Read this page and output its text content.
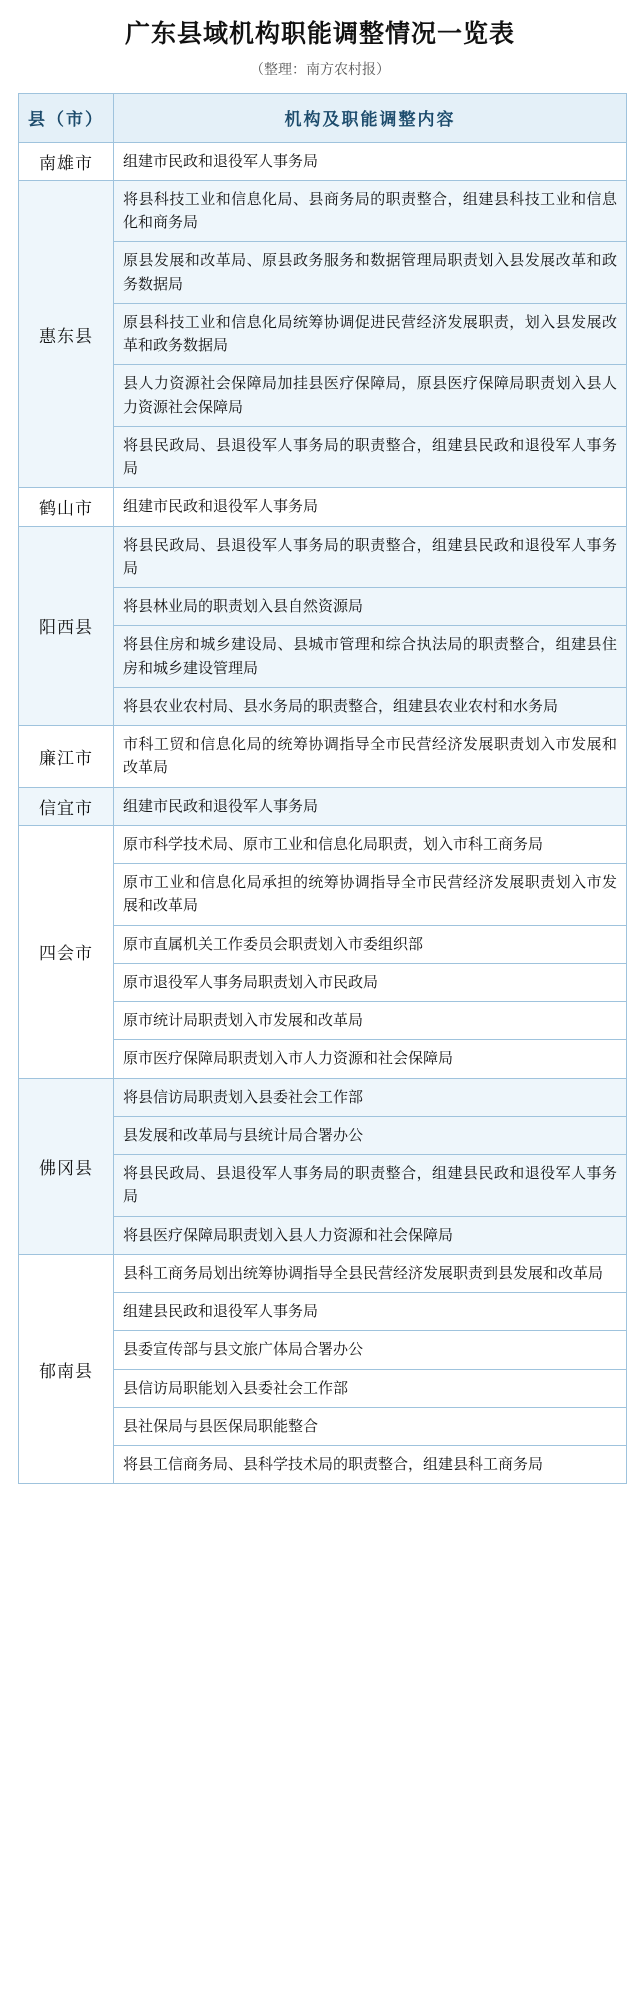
广东县域机构职能调整情况一览表
（整理：南方农村报）
县（市）	机构及职能调整内容
南雄市	组建市民政和退役军人事务局
惠东县	将县科技工业和信息化局、县商务局的职责整合，组建县科技工业和信息化和商务局
	原县发展和改革局、原县政务服务和数据管理局职责划入县发展改革和政务数据局
	原县科技工业和信息化局统筹协调促进民营经济发展职责，划入县发展改革和政务数据局
	县人力资源社会保障局加挂县医疗保障局，原县医疗保障局职责划入县人力资源社会保障局
	将县民政局、县退役军人事务局的职责整合，组建县民政和退役军人事务局
鹤山市	组建市民政和退役军人事务局
阳西县	将县民政局、县退役军人事务局的职责整合，组建县民政和退役军人事务局
	将县林业局的职责划入县自然资源局
	将县住房和城乡建设局、县城市管理和综合执法局的职责整合，组建县住房和城乡建设管理局
	将县农业农村局、县水务局的职责整合，组建县农业农村和水务局
廉江市	市科工贸和信息化局的统筹协调指导全市民营经济发展职责划入市发展和改革局
信宜市	组建市民政和退役军人事务局
四会市	原市科学技术局、原市工业和信息化局职责，划入市科工商务局
	原市工业和信息化局承担的统筹协调指导全市民营经济发展职责划入市发展和改革局
	原市直属机关工作委员会职责划入市委组织部
	原市退役军人事务局职责划入市民政局
	原市统计局职责划入市发展和改革局
	原市医疗保障局职责划入市人力资源和社会保障局
佛冈县	将县信访局职责划入县委社会工作部
	县发展和改革局与县统计局合署办公
	将县民政局、县退役军人事务局的职责整合，组建县民政和退役军人事务局
	将县医疗保障局职责划入县人力资源和社会保障局
郁南县	县科工商务局划出统筹协调指导全县民营经济发展职责到县发展和改革局
	组建县民政和退役军人事务局
	县委宣传部与县文旅广体局合署办公
	县信访局职能划入县委社会工作部
	县社保局与县医保局职能整合
	将县工信商务局、县科学技术局的职责整合，组建县科工商务局
